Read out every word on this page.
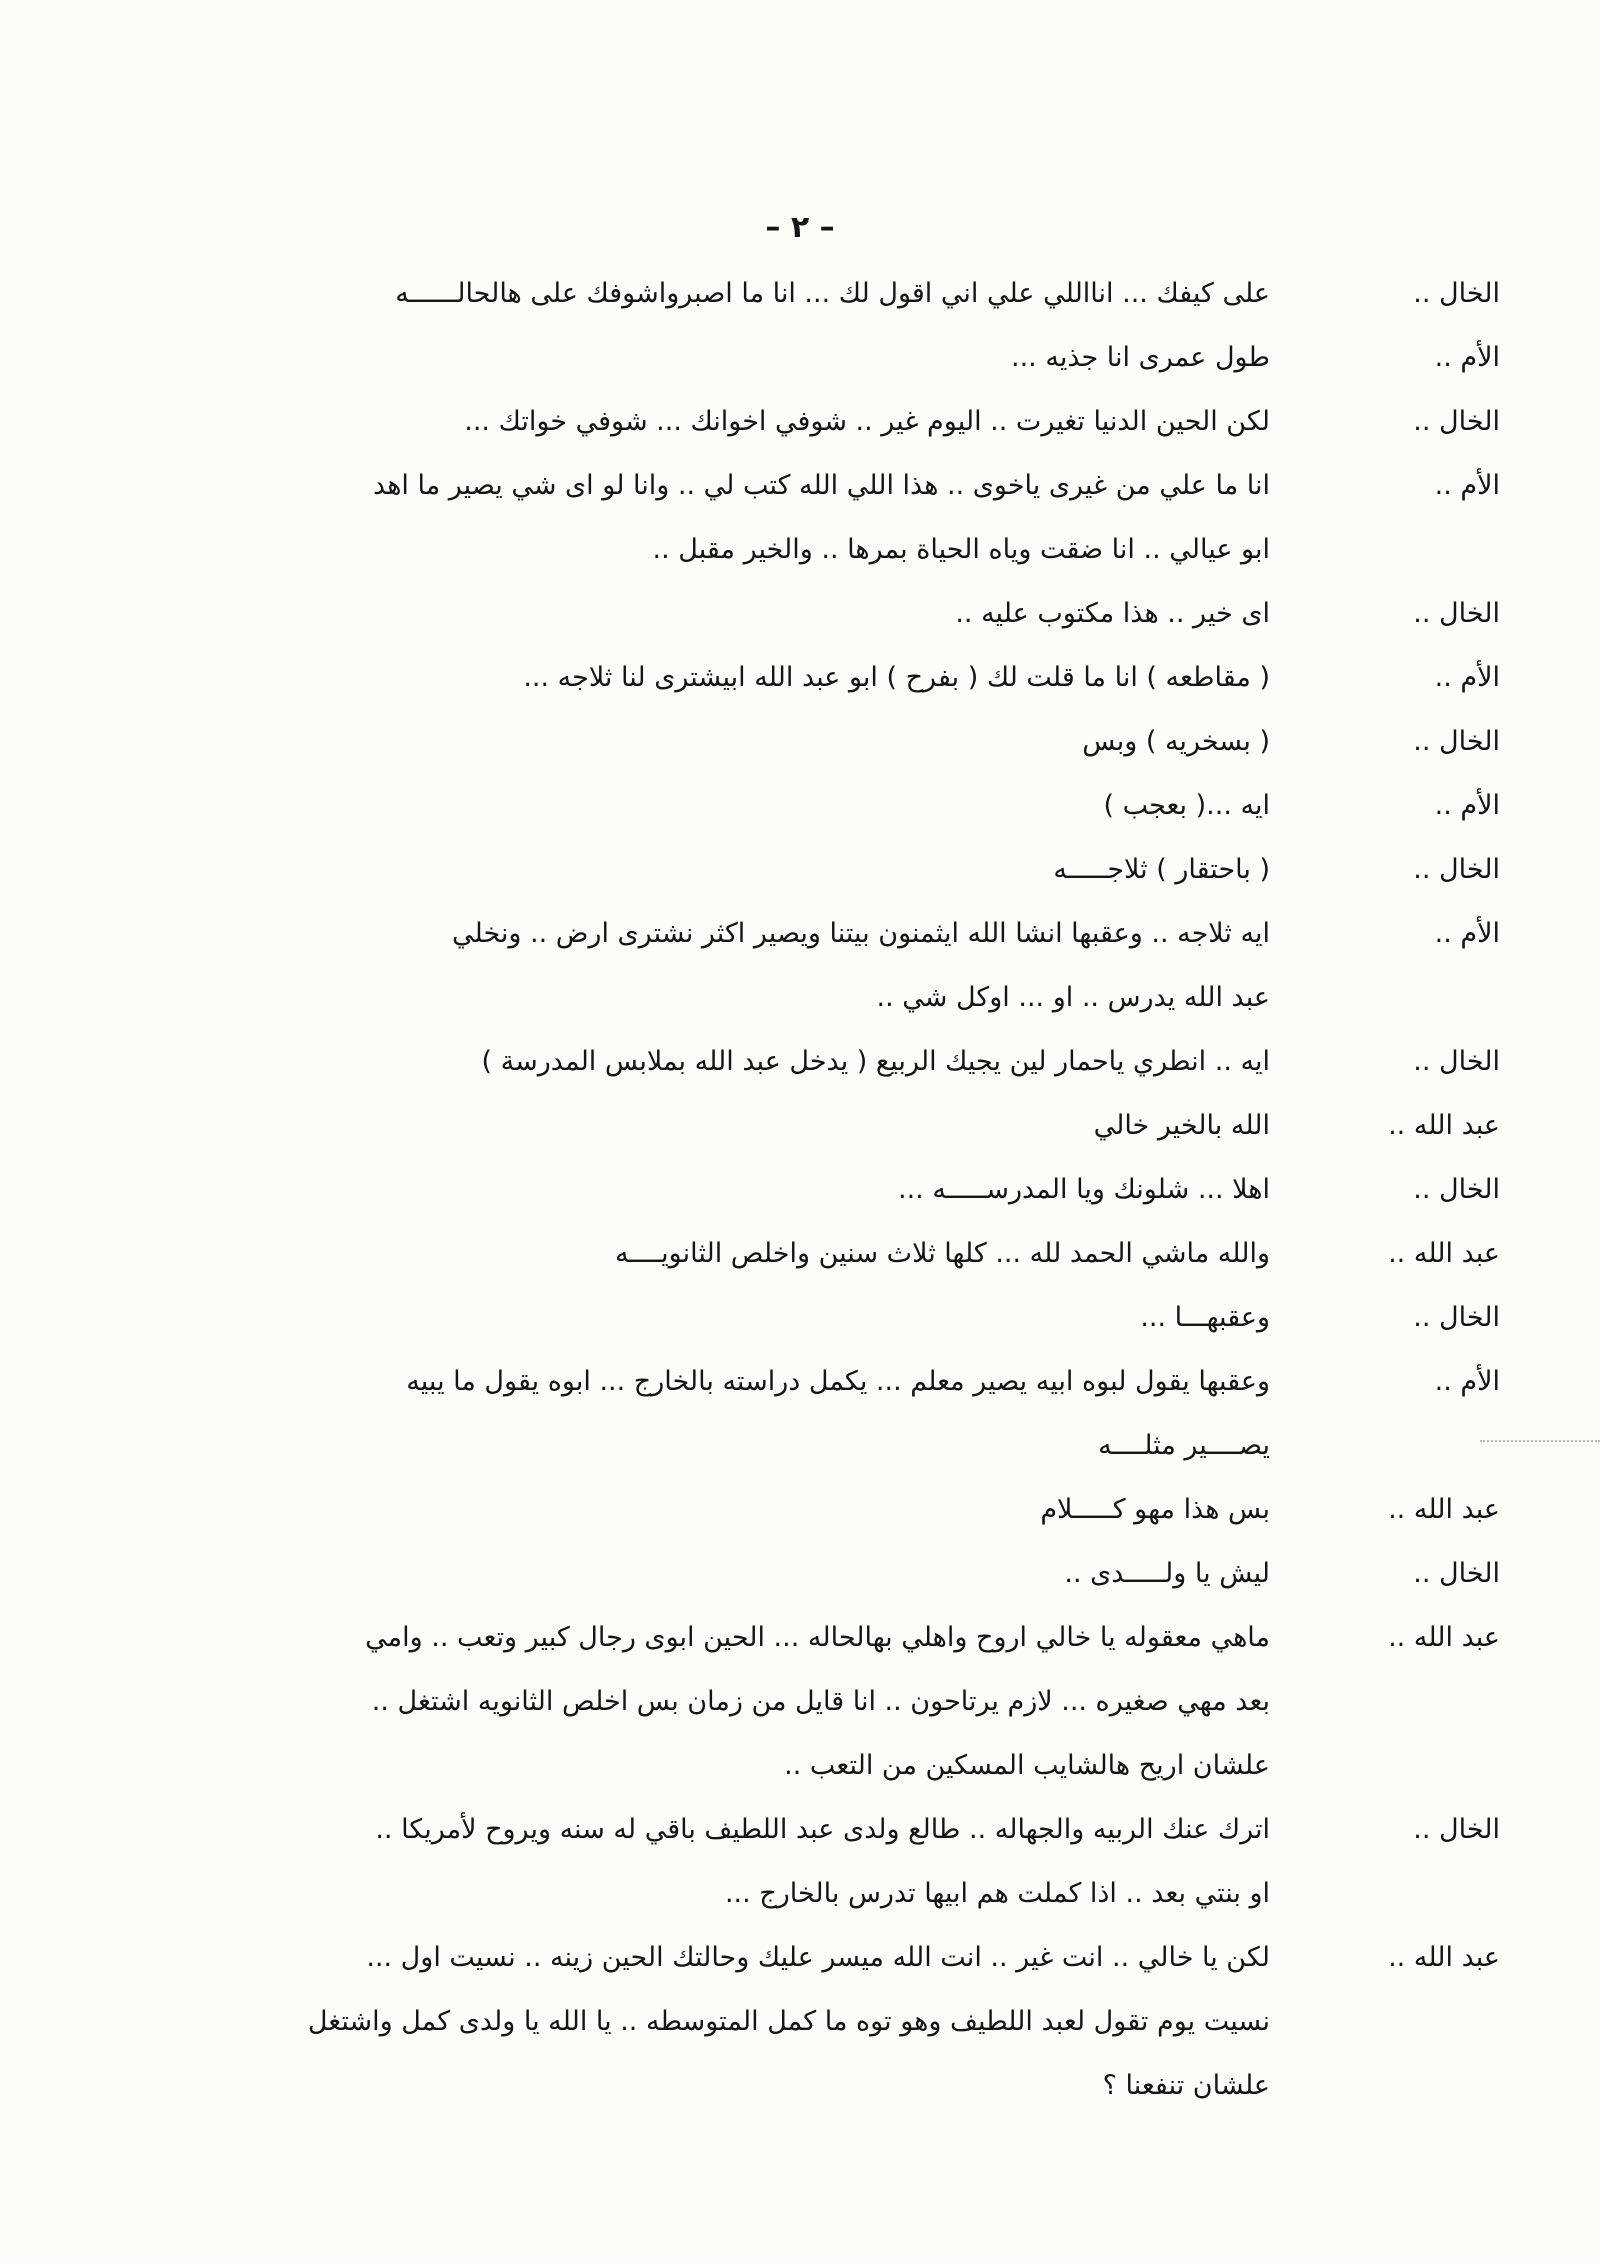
– ٢ –
الخال ..
على كيفك ... انااللي علي اني اقول لك ... انا ما اصبرواشوفك على هالحالــــــه
الأم ..
طول عمرى انا جذيه ...
الخال ..
لكن الحين الدنيا تغيرت .. اليوم غير .. شوفي اخوانك ... شوفي خواتك ...
الأم ..
انا ما علي من غيرى ياخوى .. هذا اللي الله كتب لي .. وانا لو اى شي يصير ما اهد
ابو عيالي .. انا ضقت وياه الحياة بمرها .. والخير مقبل ..
الخال ..
اى خير .. هذا مكتوب عليه ..
الأم ..
( مقاطعه ) انا ما قلت لك ( بفرح ) ابو عبد الله ابيشترى لنا ثلاجه ...
الخال ..
( بسخريه ) وبس
الأم ..
ايه ...( بعجب )
الخال ..
( باحتقار ) ثلاجـــــه
الأم ..
ايه ثلاجه .. وعقبها انشا الله ايثمنون بيتنا ويصير اكثر نشترى ارض .. ونخلي
عبد الله يدرس .. او ... اوكل شي ..
الخال ..
ايه .. انطري ياحمار لين يجيك الربيع ( يدخل عبد الله بملابس المدرسة )
عبد الله ..
الله بالخير خالي
الخال ..
اهلا ... شلونك ويا المدرســـــه ...
عبد الله ..
والله ماشي الحمد لله ... كلها ثلاث سنين واخلص الثانويــــه
الخال ..
وعقبهـــا ...
الأم ..
وعقبها يقول لبوه ابيه يصير معلم ... يكمل دراسته بالخارج ... ابوه يقول ما يبيه
يصــــير مثلــــه
عبد الله ..
بس هذا مهو كـــــلام
الخال ..
ليش يا ولـــــدى ..
عبد الله ..
ماهي معقوله يا خالي اروح واهلي بهالحاله ... الحين ابوى رجال كبير وتعب .. وامي
بعد مهي صغيره ... لازم يرتاحون .. انا قايل من زمان بس اخلص الثانويه اشتغل ..
علشان اريح هالشايب المسكين من التعب ..
الخال ..
اترك عنك الربيه والجهاله .. طالع ولدى عبد اللطيف باقي له سنه ويروح لأمريكا ..
او بنتي بعد .. اذا كملت هم ابيها تدرس بالخارج ...
عبد الله ..
لكن يا خالي .. انت غير .. انت الله ميسر عليك وحالتك الحين زينه .. نسيت اول ...
نسيت يوم تقول لعبد اللطيف وهو توه ما كمل المتوسطه .. يا الله يا ولدى كمل واشتغل
علشان تنفعنا ؟
